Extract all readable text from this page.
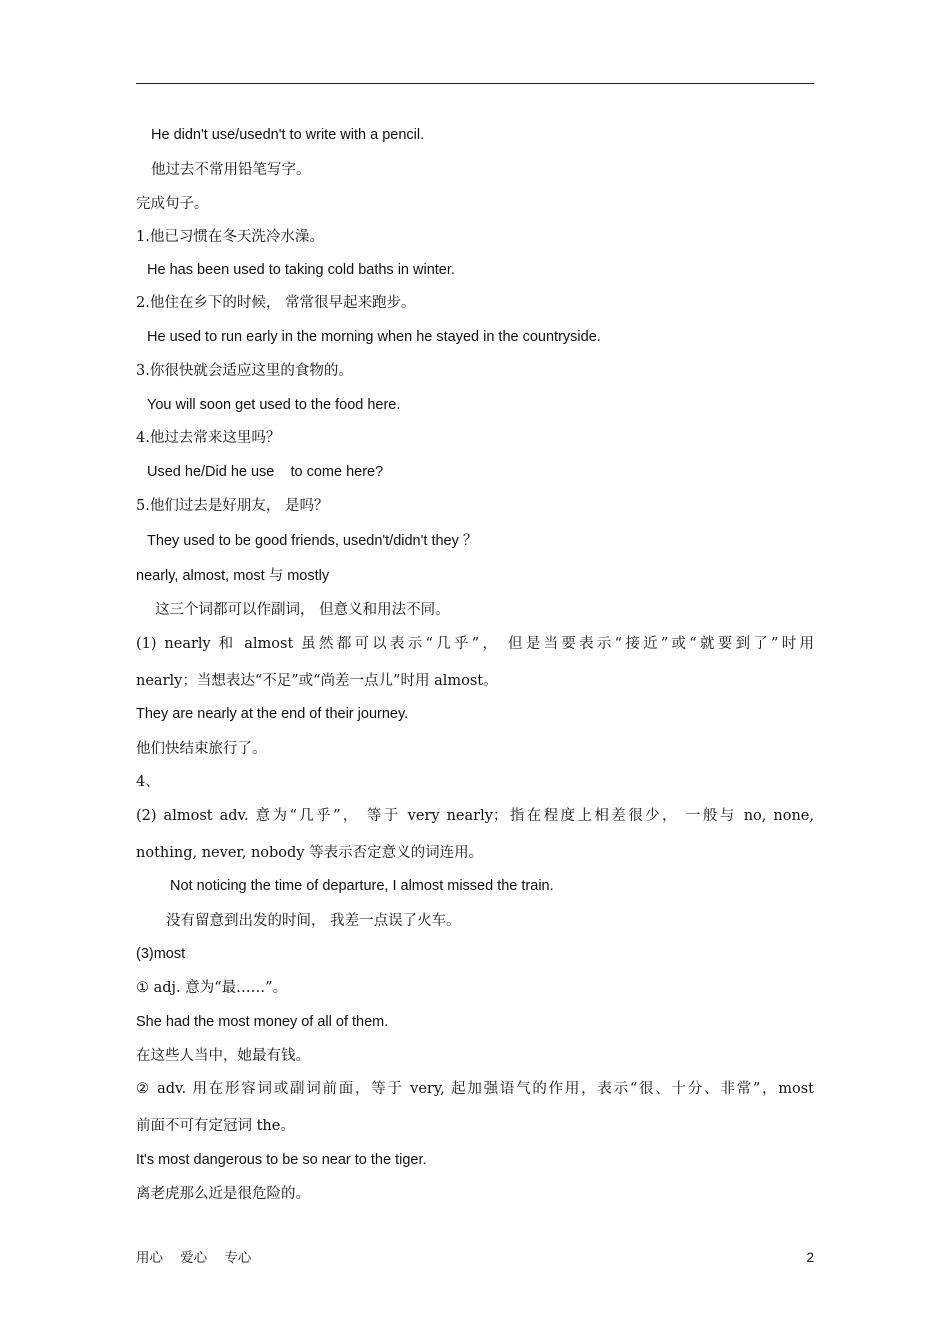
He didn't use/usedn't to write with a pencil.
他过去不常用铅笔写字。
完成句子。
1.他已习惯在冬天洗冷水澡。
He has been used to taking cold baths in winter.
2.他住在乡下的时候， 常常很早起来跑步。
He used to run early in the morning when he stayed in the countryside.
3.你很快就会适应这里的食物的。
You will soon get used to the food here.
4.他过去常来这里吗？
Used he/Did he use    to come here?
5.他们过去是好朋友， 是吗？
They used to be good friends, usedn't/didn't they ？
nearly, almost, most 与 mostly
这三个词都可以作副词， 但意义和用法不同。
(1) nearly 和 almost 虽然都可以表示“几乎”， 但是当要表示“接近”或“就要到了”时用
nearly；当想表达“不足”或“尚差一点儿”时用 almost。
They are nearly at the end of their journey.
他们快结束旅行了。
4、
(2) almost adv. 意为“几乎”， 等于 very nearly；指在程度上相差很少， 一般与 no, none,
nothing, never, nobody 等表示否定意义的词连用。
Not noticing the time of departure, I almost missed the train.
没有留意到出发的时间， 我差一点误了火车。
(3)most
① adj. 意为“最……”。
She had the most money of all of them.
在这些人当中，她最有钱。
② adv. 用在形容词或副词前面，等于 very, 起加强语气的作用，表示“很、十分、非常”，most
前面不可有定冠词 the。
It's most dangerous to be so near to the tiger.
离老虎那么近是很危险的。
用心    爱心    专心	2
